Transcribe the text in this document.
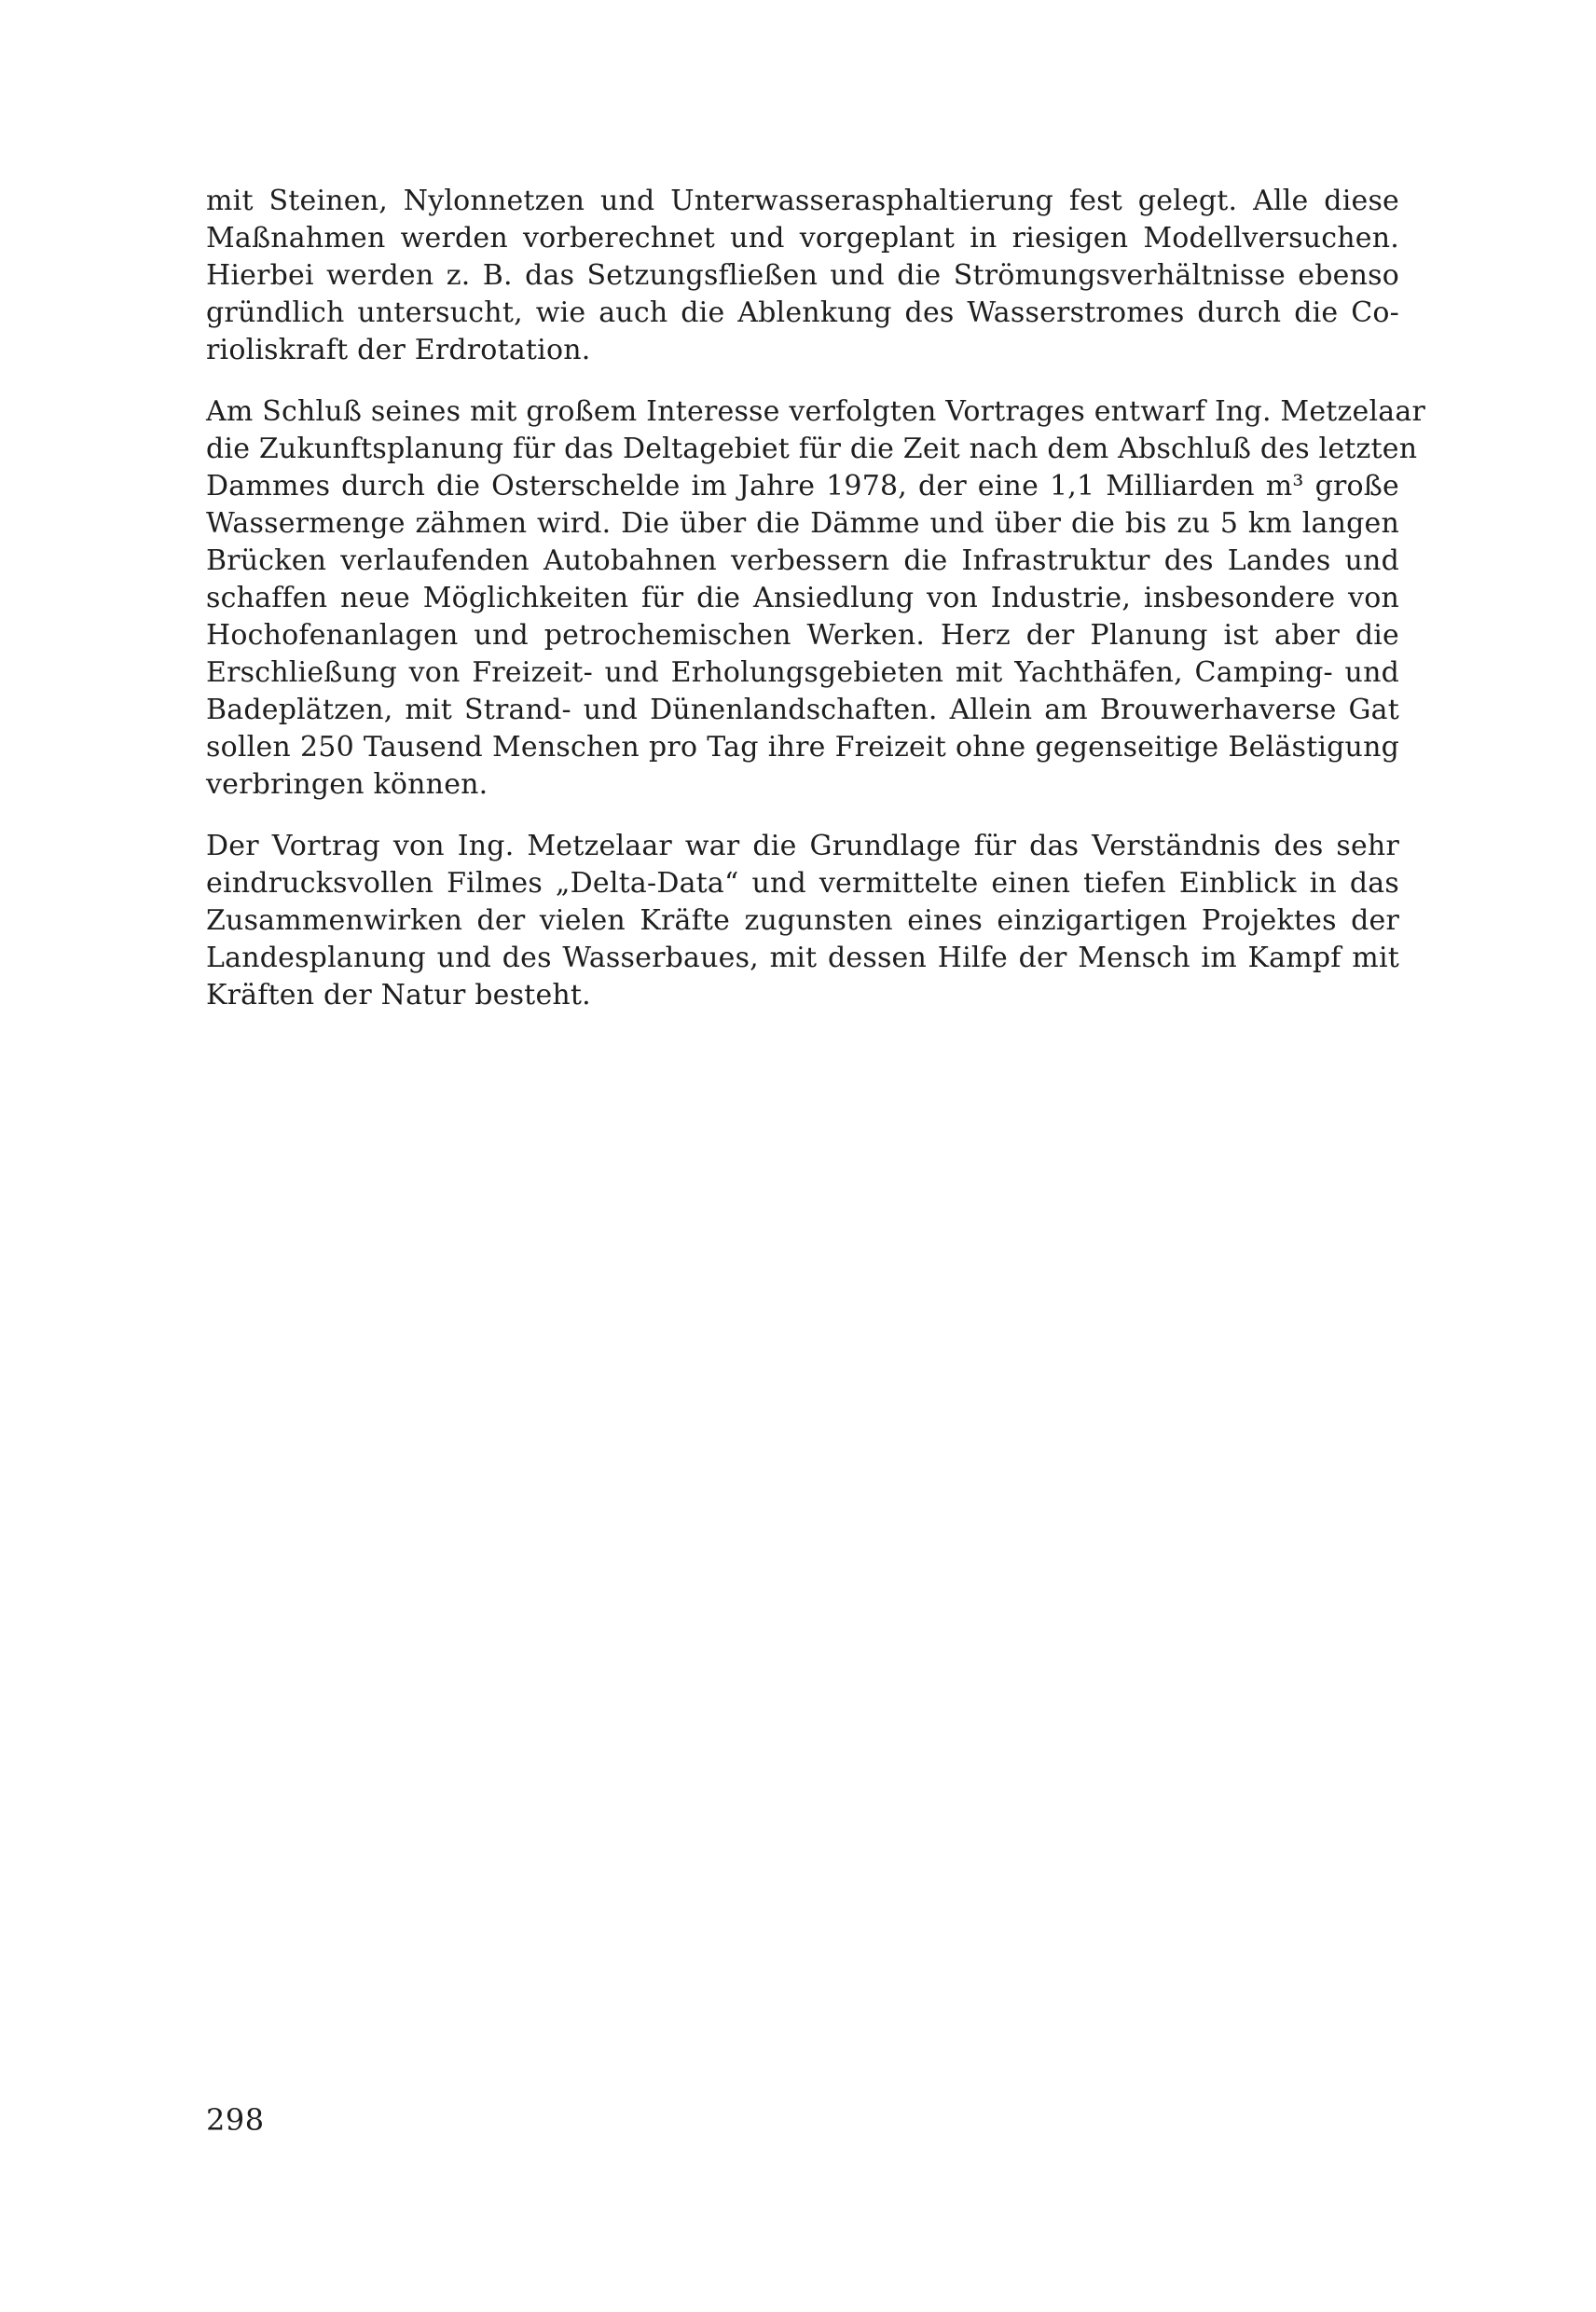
mit Steinen, Nylonnetzen und Unterwasserasphaltierung fest gelegt. Alle diese
Maßnahmen werden vorberechnet und vorgeplant in riesigen Modellversuchen.
Hierbei werden z. B. das Setzungsfließen und die Strömungsverhältnisse ebenso
gründlich untersucht, wie auch die Ablenkung des Wasserstromes durch die Co-
rioliskraft der Erdrotation.

Am Schluß seines mit großem Interesse verfolgten Vortrages entwarf Ing. Metzelaar
die Zukunftsplanung für das Deltagebiet für die Zeit nach dem Abschluß des letzten
Dammes durch die Osterschelde im Jahre 1978, der eine 1,1 Milliarden m³ große
Wassermenge zähmen wird. Die über die Dämme und über die bis zu 5 km langen
Brücken verlaufenden Autobahnen verbessern die Infrastruktur des Landes und
schaffen neue Möglichkeiten für die Ansiedlung von Industrie, insbesondere von
Hochofenanlagen und petrochemischen Werken. Herz der Planung ist aber die
Erschließung von Freizeit- und Erholungsgebieten mit Yachthäfen, Camping- und
Badeplätzen, mit Strand- und Dünenlandschaften. Allein am Brouwerhaverse Gat
sollen 250 Tausend Menschen pro Tag ihre Freizeit ohne gegenseitige Belästigung
verbringen können.

Der Vortrag von Ing. Metzelaar war die Grundlage für das Verständnis des sehr
eindrucksvollen Filmes „Delta-Data“ und vermittelte einen tiefen Einblick in das
Zusammenwirken der vielen Kräfte zugunsten eines einzigartigen Projektes der
Landesplanung und des Wasserbaues, mit dessen Hilfe der Mensch im Kampf mit
Kräften der Natur besteht.

298
